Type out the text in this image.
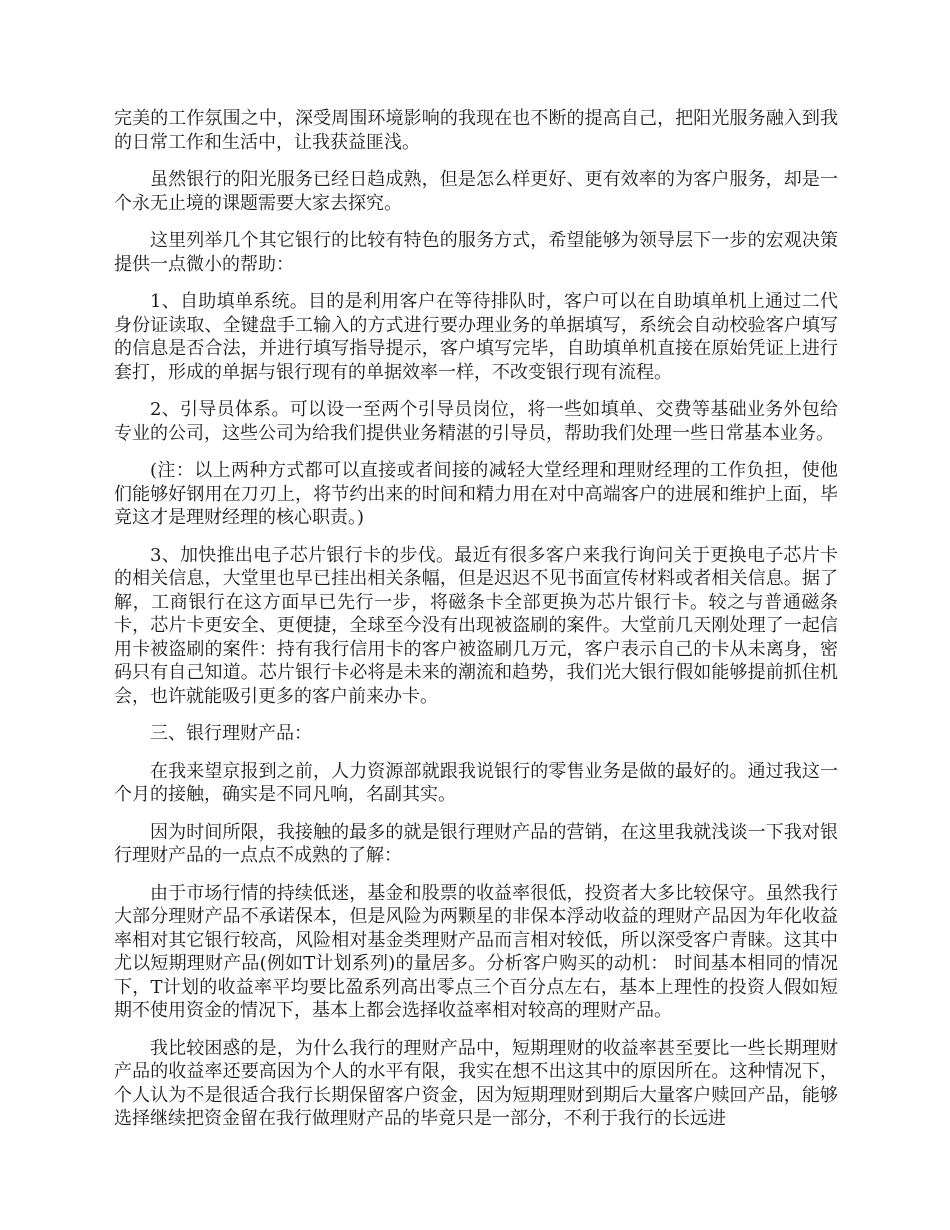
完美的工作氛围之中，深受周围环境影响的我现在也不断的提高自己，把阳光服务融入到我的日常工作和生活中，让我获益匪浅。

虽然银行的阳光服务已经日趋成熟，但是怎么样更好、更有效率的为客户服务，却是一个永无止境的课题需要大家去探究。

这里列举几个其它银行的比较有特色的服务方式，希望能够为领导层下一步的宏观决策提供一点微小的帮助：

1、自助填单系统。目的是利用客户在等待排队时，客户可以在自助填单机上通过二代身份证读取、全键盘手工输入的方式进行要办理业务的单据填写，系统会自动校验客户填写的信息是否合法，并进行填写指导提示，客户填写完毕，自助填单机直接在原始凭证上进行套打，形成的单据与银行现有的单据效率一样，不改变银行现有流程。

2、引导员体系。可以设一至两个引导员岗位，将一些如填单、交费等基础业务外包给专业的公司，这些公司为给我们提供业务精湛的引导员，帮助我们处理一些日常基本业务。

(注：以上两种方式都可以直接或者间接的减轻大堂经理和理财经理的工作负担，使他们能够好钢用在刀刃上，将节约出来的时间和精力用在对中高端客户的进展和维护上面，毕竟这才是理财经理的核心职责。)

3、加快推出电子芯片银行卡的步伐。最近有很多客户来我行询问关于更换电子芯片卡的相关信息，大堂里也早已挂出相关条幅，但是迟迟不见书面宣传材料或者相关信息。据了解，工商银行在这方面早已先行一步，将磁条卡全部更换为芯片银行卡。较之与普通磁条卡，芯片卡更安全、更便捷，全球至今没有出现被盗刷的案件。大堂前几天刚处理了一起信用卡被盗刷的案件：持有我行信用卡的客户被盗刷几万元，客户表示自己的卡从未离身，密码只有自己知道。芯片银行卡必将是未来的潮流和趋势，我们光大银行假如能够提前抓住机会，也许就能吸引更多的客户前来办卡。

三、银行理财产品：

在我来望京报到之前，人力资源部就跟我说银行的零售业务是做的最好的。通过我这一个月的接触，确实是不同凡响，名副其实。

因为时间所限，我接触的最多的就是银行理财产品的营销，在这里我就浅谈一下我对银行理财产品的一点点不成熟的了解：

由于市场行情的持续低迷，基金和股票的收益率很低，投资者大多比较保守。虽然我行大部分理财产品不承诺保本，但是风险为两颗星的非保本浮动收益的理财产品因为年化收益率相对其它银行较高，风险相对基金类理财产品而言相对较低，所以深受客户青睐。这其中尤以短期理财产品(例如T计划系列)的量居多。分析客户购买的动机： 时间基本相同的情况下，T计划的收益率平均要比盈系列高出零点三个百分点左右，基本上理性的投资人假如短期不使用资金的情况下，基本上都会选择收益率相对较高的理财产品。

我比较困惑的是，为什么我行的理财产品中，短期理财的收益率甚至要比一些长期理财产品的收益率还要高因为个人的水平有限，我实在想不出这其中的原因所在。这种情况下，个人认为不是很适合我行长期保留客户资金，因为短期理财到期后大量客户赎回产品，能够选择继续把资金留在我行做理财产品的毕竟只是一部分，不利于我行的长远进
